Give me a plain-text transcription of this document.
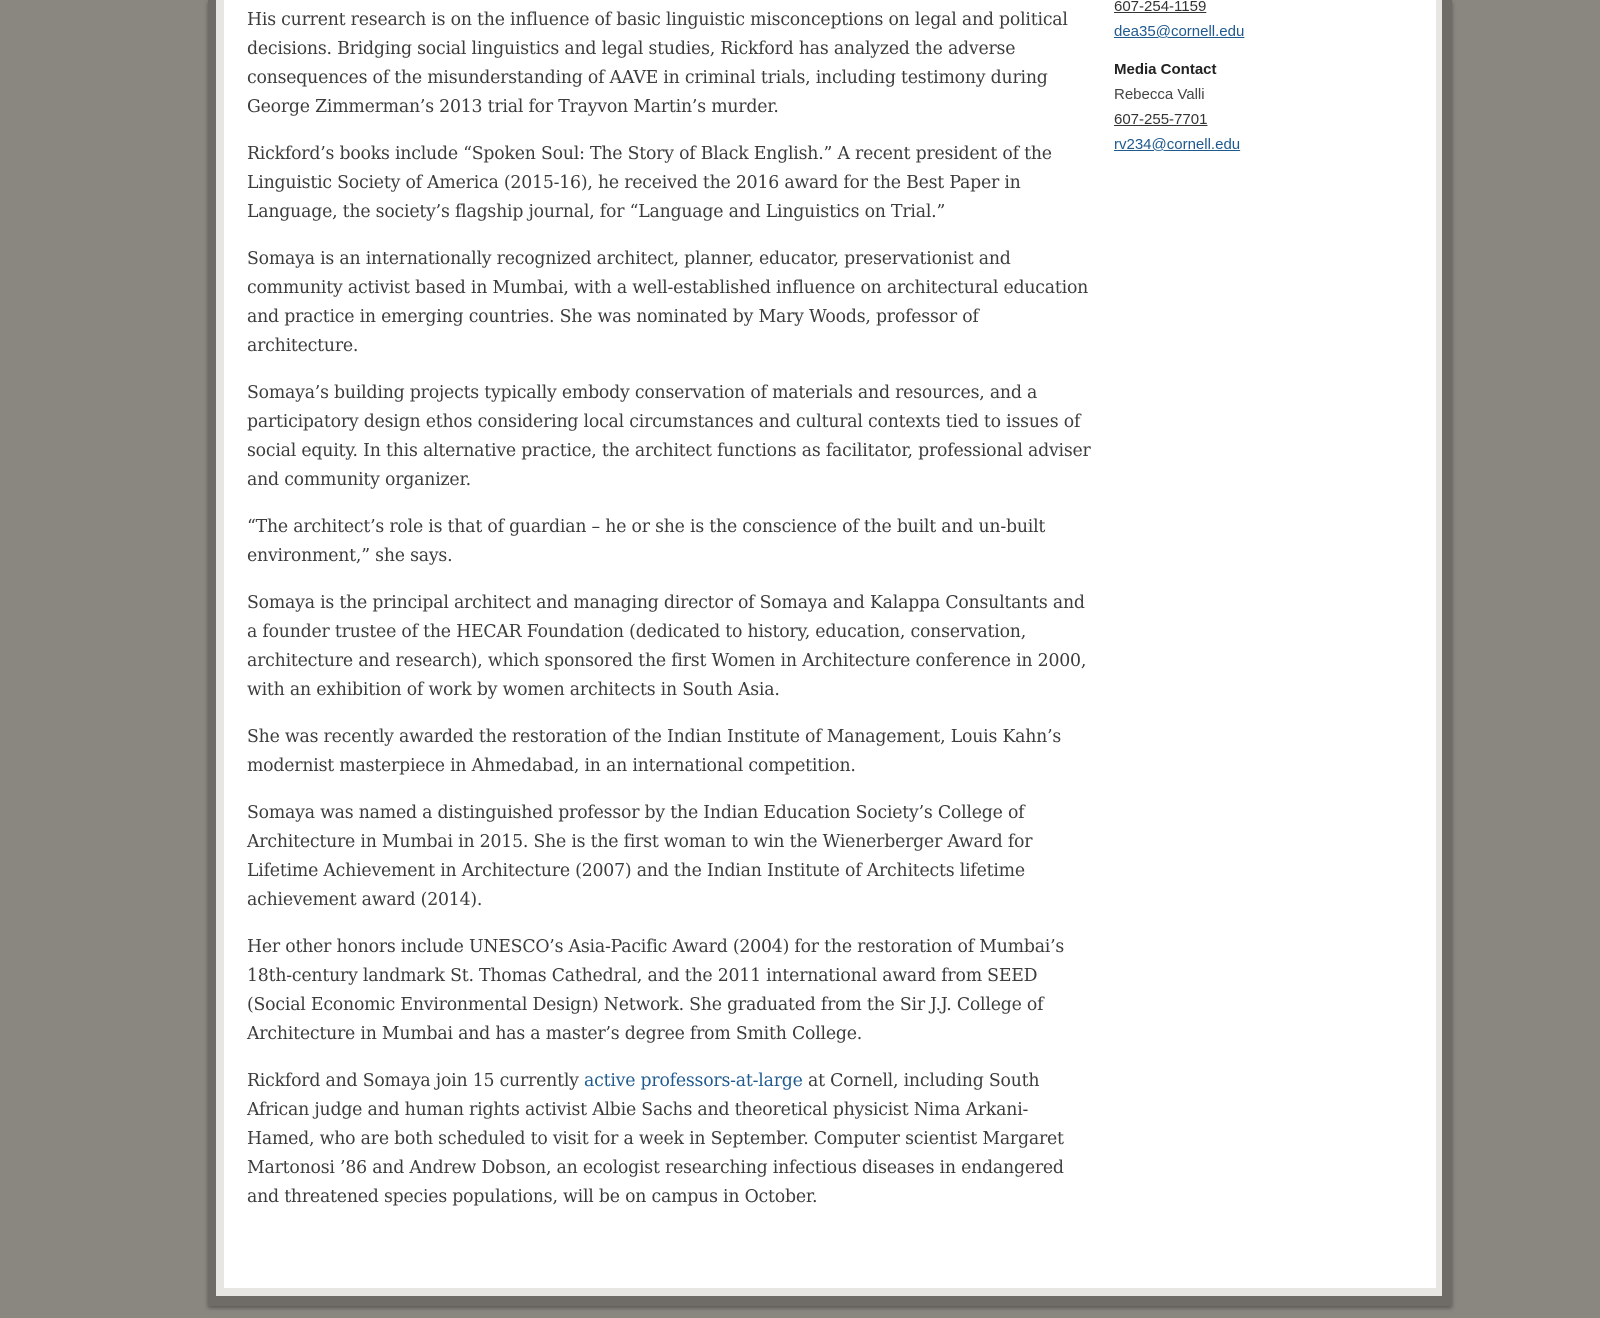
His current research is on the influence of basic linguistic misconceptions on legal and political decisions. Bridging social linguistics and legal studies, Rickford has analyzed the adverse consequences of the misunderstanding of AAVE in criminal trials, including testimony during George Zimmerman’s 2013 trial for Trayvon Martin’s murder.

Rickford’s books include “Spoken Soul: The Story of Black English.” A recent president of the Linguistic Society of America (2015-16), he received the 2016 award for the Best Paper in Language, the society’s flagship journal, for “Language and Linguistics on Trial.”

Somaya is an internationally recognized architect, planner, educator, preservationist and community activist based in Mumbai, with a well-established influence on architectural education and practice in emerging countries. She was nominated by Mary Woods, professor of architecture.

Somaya’s building projects typically embody conservation of materials and resources, and a participatory design ethos considering local circumstances and cultural contexts tied to issues of social equity. In this alternative practice, the architect functions as facilitator, professional adviser and community organizer.

“The architect’s role is that of guardian – he or she is the conscience of the built and un-built environment,” she says.

Somaya is the principal architect and managing director of Somaya and Kalappa Consultants and a founder trustee of the HECAR Foundation (dedicated to history, education, conservation, architecture and research), which sponsored the first Women in Architecture conference in 2000, with an exhibition of work by women architects in South Asia.

She was recently awarded the restoration of the Indian Institute of Management, Louis Kahn’s modernist masterpiece in Ahmedabad, in an international competition.

Somaya was named a distinguished professor by the Indian Education Society’s College of Architecture in Mumbai in 2015. She is the first woman to win the Wienerberger Award for Lifetime Achievement in Architecture (2007) and the Indian Institute of Architects lifetime achievement award (2014).

Her other honors include UNESCO’s Asia-Pacific Award (2004) for the restoration of Mumbai’s 18th-century landmark St. Thomas Cathedral, and the 2011 international award from SEED (Social Economic Environmental Design) Network. She graduated from the Sir J.J. College of Architecture in Mumbai and has a master’s degree from Smith College.

Rickford and Somaya join 15 currently active professors-at-large at Cornell, including South African judge and human rights activist Albie Sachs and theoretical physicist Nima Arkani-Hamed, who are both scheduled to visit for a week in September. Computer scientist Margaret Martonosi ’86 and Andrew Dobson, an ecologist researching infectious diseases in endangered and threatened species populations, will be on campus in October.

607-254-1159
dea35@cornell.edu
Media Contact
Rebecca Valli
607-255-7701
rv234@cornell.edu
